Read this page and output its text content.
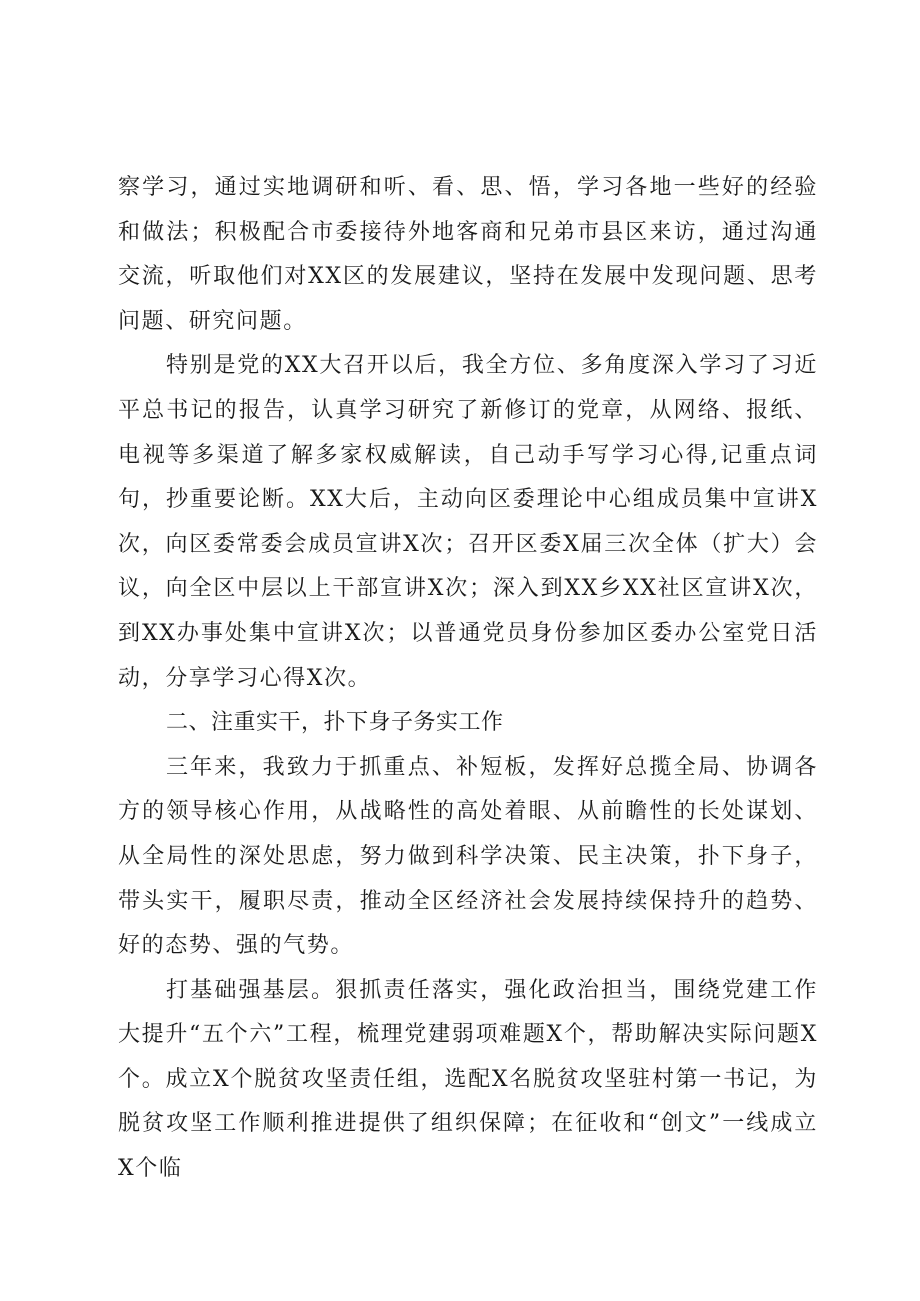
察学习，通过实地调研和听、看、思、悟，学习各地一些好的经验和做法；积极配合市委接待外地客商和兄弟市县区来访，通过沟通交流，听取他们对XX区的发展建议，坚持在发展中发现问题、思考问题、研究问题。

特别是党的XX大召开以后，我全方位、多角度深入学习了习近平总书记的报告，认真学习研究了新修订的党章，从网络、报纸、电视等多渠道了解多家权威解读，自己动手写学习心得,记重点词句，抄重要论断。XX大后，主动向区委理论中心组成员集中宣讲X次，向区委常委会成员宣讲X次；召开区委X届三次全体（扩大）会议，向全区中层以上干部宣讲X次；深入到XX乡XX社区宣讲X次，到XX办事处集中宣讲X次；以普通党员身份参加区委办公室党日活动，分享学习心得X次。

二、注重实干，扑下身子务实工作

三年来，我致力于抓重点、补短板，发挥好总揽全局、协调各方的领导核心作用，从战略性的高处着眼、从前瞻性的长处谋划、从全局性的深处思虑，努力做到科学决策、民主决策，扑下身子，带头实干，履职尽责，推动全区经济社会发展持续保持升的趋势、好的态势、强的气势。

打基础强基层。狠抓责任落实，强化政治担当，围绕党建工作大提升“五个六”工程，梳理党建弱项难题X个，帮助解决实际问题X个。成立X个脱贫攻坚责任组，选配X名脱贫攻坚驻村第一书记，为脱贫攻坚工作顺利推进提供了组织保障；在征收和“创文”一线成立X个临
